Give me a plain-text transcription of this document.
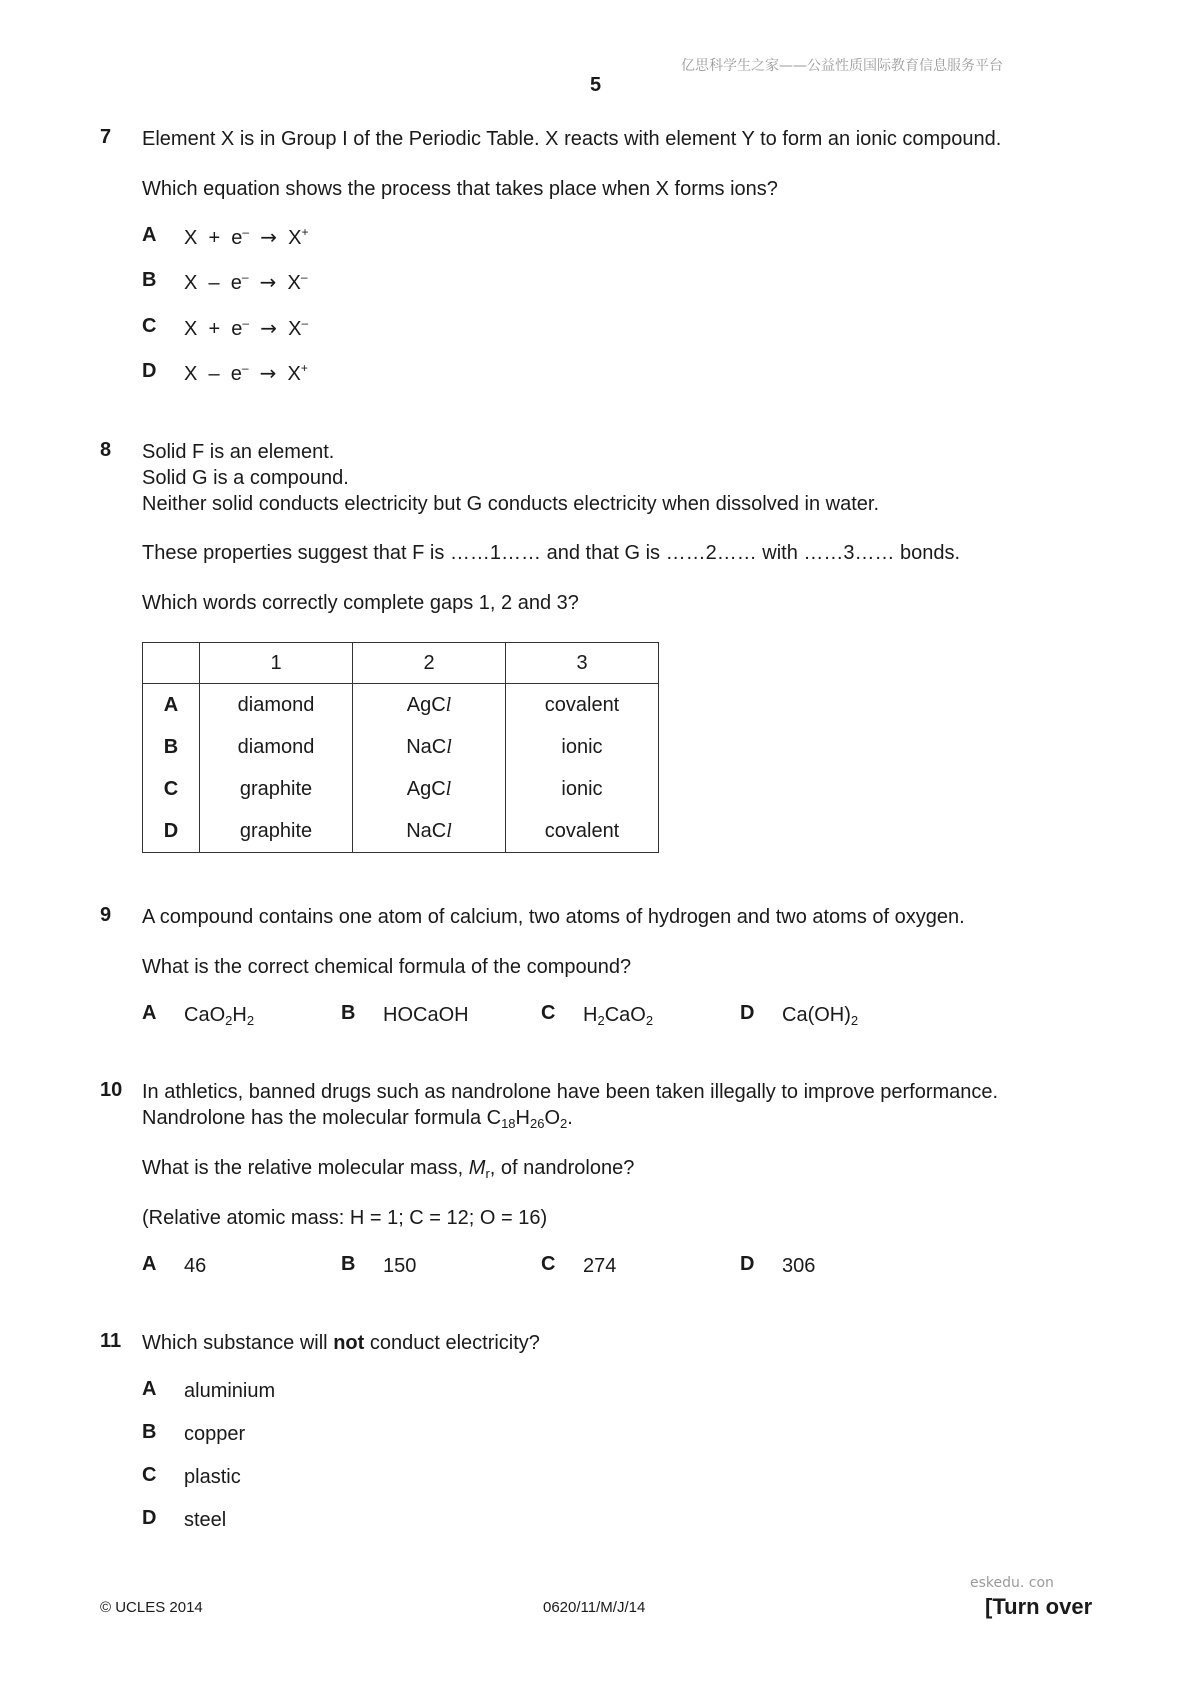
亿思科学生之家——公益性质国际教育信息服务平台
5
7 Element X is in Group I of the Periodic Table. X reacts with element Y to form an ionic compound.
Which equation shows the process that takes place when X forms ions?
A X + e– → X+
B X – e– → X–
C X + e– → X–
D X – e– → X+
8 Solid F is an element.
Solid G is a compound.
Neither solid conducts electricity but G conducts electricity when dissolved in water.
These properties suggest that F is ……1…… and that G is ……2…… with ……3…… bonds.
Which words correctly complete gaps 1, 2 and 3?
	1	2	3
A	diamond	AgCl	covalent
B	diamond	NaCl	ionic
C	graphite	AgCl	ionic
D	graphite	NaCl	covalent
9 A compound contains one atom of calcium, two atoms of hydrogen and two atoms of oxygen.
What is the correct chemical formula of the compound?
A $CaO_2H_2$	B HOCaOH	C $H_2CaO_2$	D $Ca(OH)_2$
10 In athletics, banned drugs such as nandrolone have been taken illegally to improve performance.
Nandrolone has the molecular formula $C_{18}H_{26}O_2$.
What is the relative molecular mass, $M_r$, of nandrolone?
(Relative atomic mass: H = 1; C = 12; O = 16)
A 46	B 150	C 274	D 306
11 Which substance will not conduct electricity?
A aluminium
B copper
C plastic
D steel
© UCLES 2014	0620/11/M/J/14
eskedu. con
[Turn over
